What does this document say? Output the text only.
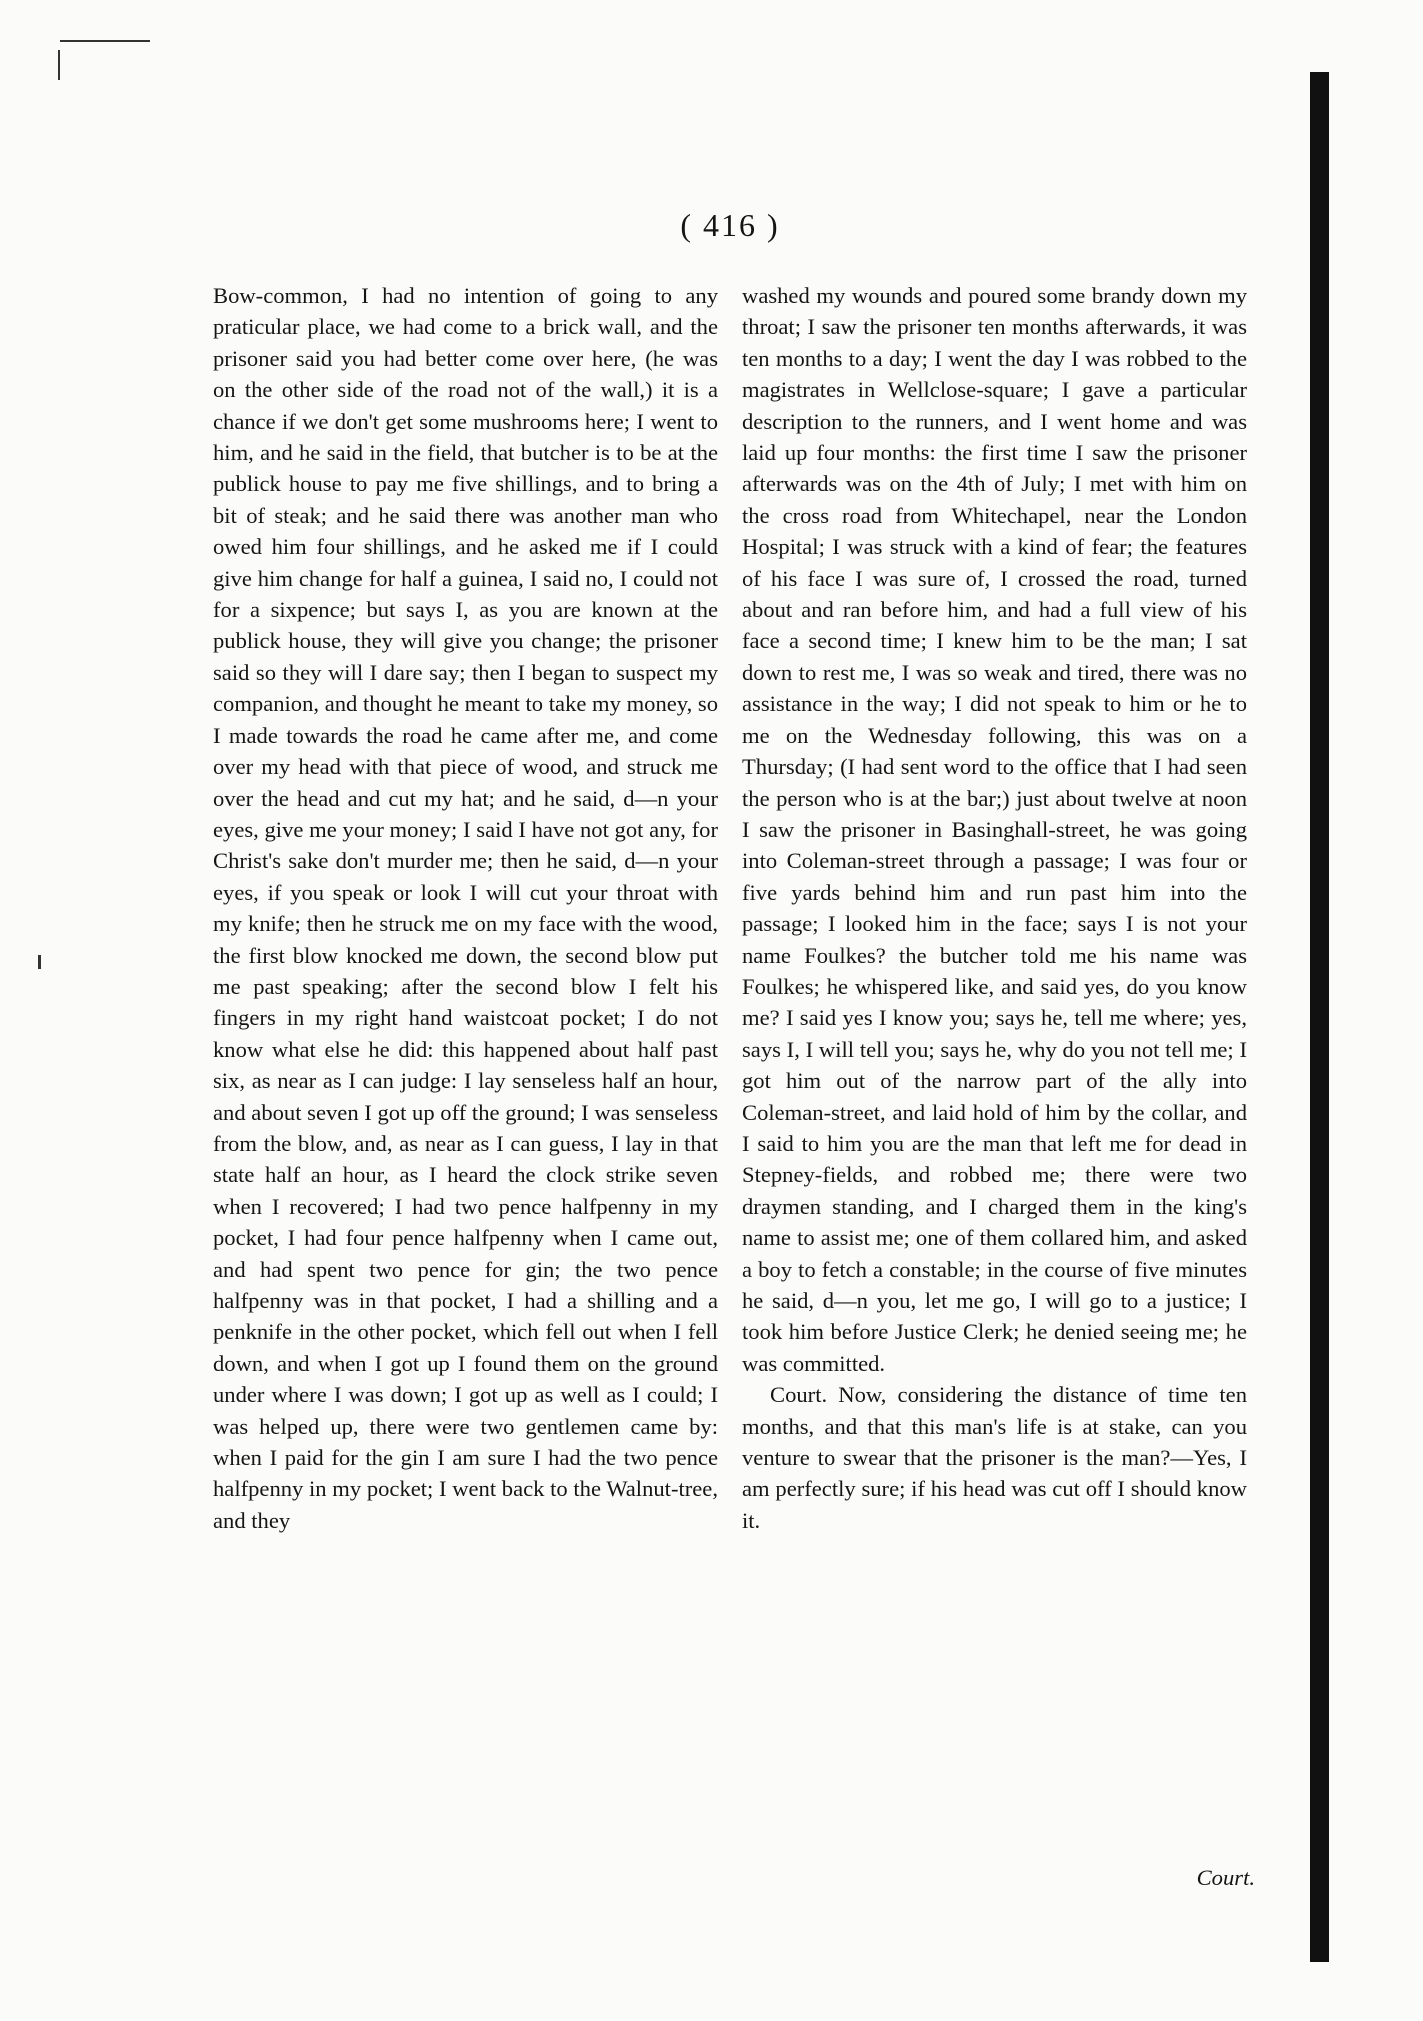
( 416 )

Bow-common, I had no intention of going to any praticular place, we had come to a brick wall, and the prisoner said you had better come over here, (he was on the other side of the road not of the wall,) it is a chance if we don't get some mushrooms here; I went to him, and he said in the field, that butcher is to be at the publick house to pay me five shillings, and to bring a bit of steak; and he said there was another man who owed him four shillings, and he asked me if I could give him change for half a guinea, I said no, I could not for a sixpence; but says I, as you are known at the publick house, they will give you change; the prisoner said so they will I dare say; then I began to suspect my companion, and thought he meant to take my money, so I made towards the road he came after me, and come over my head with that piece of wood, and struck me over the head and cut my hat; and he said, d—n your eyes, give me your money; I said I have not got any, for Christ's sake don't murder me; then he said, d—n your eyes, if you speak or look I will cut your throat with my knife; then he struck me on my face with the wood, the first blow knocked me down, the second blow put me past speaking; after the second blow I felt his fingers in my right hand waistcoat pocket; I do not know what else he did: this happened about half past six, as near as I can judge: I lay senseless half an hour, and about seven I got up off the ground; I was senseless from the blow, and, as near as I can guess, I lay in that state half an hour, as I heard the clock strike seven when I recovered; I had two pence halfpenny in my pocket, I had four pence halfpenny when I came out, and had spent two pence for gin; the two pence halfpenny was in that pocket, I had a shilling and a penknife in the other pocket, which fell out when I fell down, and when I got up I found them on the ground under where I was down; I got up as well as I could; I was helped up, there were two gentlemen came by: when I paid for the gin I am sure I had the two pence halfpenny in my pocket; I went back to the Walnut-tree, and they

washed my wounds and poured some brandy down my throat; I saw the prisoner ten months afterwards, it was ten months to a day; I went the day I was robbed to the magistrates in Wellclose-square; I gave a particular description to the runners, and I went home and was laid up four months: the first time I saw the prisoner afterwards was on the 4th of July; I met with him on the cross road from Whitechapel, near the London Hospital; I was struck with a kind of fear; the features of his face I was sure of, I crossed the road, turned about and ran before him, and had a full view of his face a second time; I knew him to be the man; I sat down to rest me, I was so weak and tired, there was no assistance in the way; I did not speak to him or he to me on the Wednesday following, this was on a Thursday; (I had sent word to the office that I had seen the person who is at the bar;) just about twelve at noon I saw the prisoner in Basinghall-street, he was going into Coleman-street through a passage; I was four or five yards behind him and run past him into the passage; I looked him in the face; says I is not your name Foulkes? the butcher told me his name was Foulkes; he whispered like, and said yes, do you know me? I said yes I know you; says he, tell me where; yes, says I, I will tell you; says he, why do you not tell me; I got him out of the narrow part of the ally into Coleman-street, and laid hold of him by the collar, and I said to him you are the man that left me for dead in Stepney-fields, and robbed me; there were two draymen standing, and I charged them in the king's name to assist me; one of them collared him, and asked a boy to fetch a constable; in the course of five minutes he said, d—n you, let me go, I will go to a justice; I took him before Justice Clerk; he denied seeing me; he was committed.

Court. Now, considering the distance of time ten months, and that this man's life is at stake, can you venture to swear that the prisoner is the man?—Yes, I am perfectly sure; if his head was cut off I should know it.

Court.
